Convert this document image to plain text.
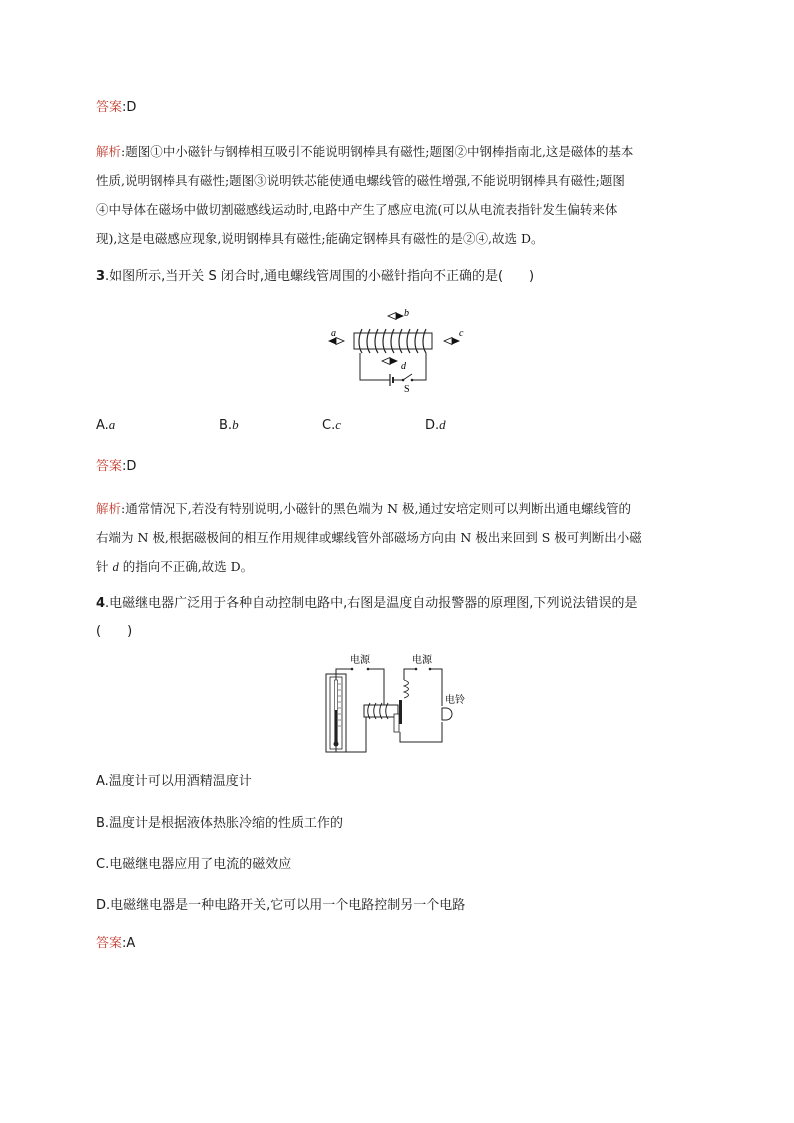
答案:D
解析:题图①中小磁针与钢棒相互吸引不能说明钢棒具有磁性;题图②中钢棒指南北,这是磁体的基本
性质,说明钢棒具有磁性;题图③说明铁芯能使通电螺线管的磁性增强,不能说明钢棒具有磁性;题图
④中导体在磁场中做切割磁感线运动时,电路中产生了感应电流(可以从电流表指针发生偏转来体
现),这是电磁感应现象,说明钢棒具有磁性;能确定钢棒具有磁性的是②④,故选 D。
3.如图所示,当开关 S 闭合时,通电螺线管周围的小磁针指向不正确的是(　　)
S
a
b
c
d
A.a	B.b	C.c	D.d
答案:D
解析:通常情况下,若没有特别说明,小磁针的黑色端为 N 极,通过安培定则可以判断出通电螺线管的
右端为 N 极,根据磁极间的相互作用规律或螺线管外部磁场方向由 N 极出来回到 S 极可判断出小磁
针 d 的指向不正确,故选 D。
4.电磁继电器广泛用于各种自动控制电路中,右图是温度自动报警器的原理图,下列说法错误的是
(　　)
电源	电源
电铃
A.温度计可以用酒精温度计
B.温度计是根据液体热胀冷缩的性质工作的
C.电磁继电器应用了电流的磁效应
D.电磁继电器是一种电路开关,它可以用一个电路控制另一个电路
答案:A
